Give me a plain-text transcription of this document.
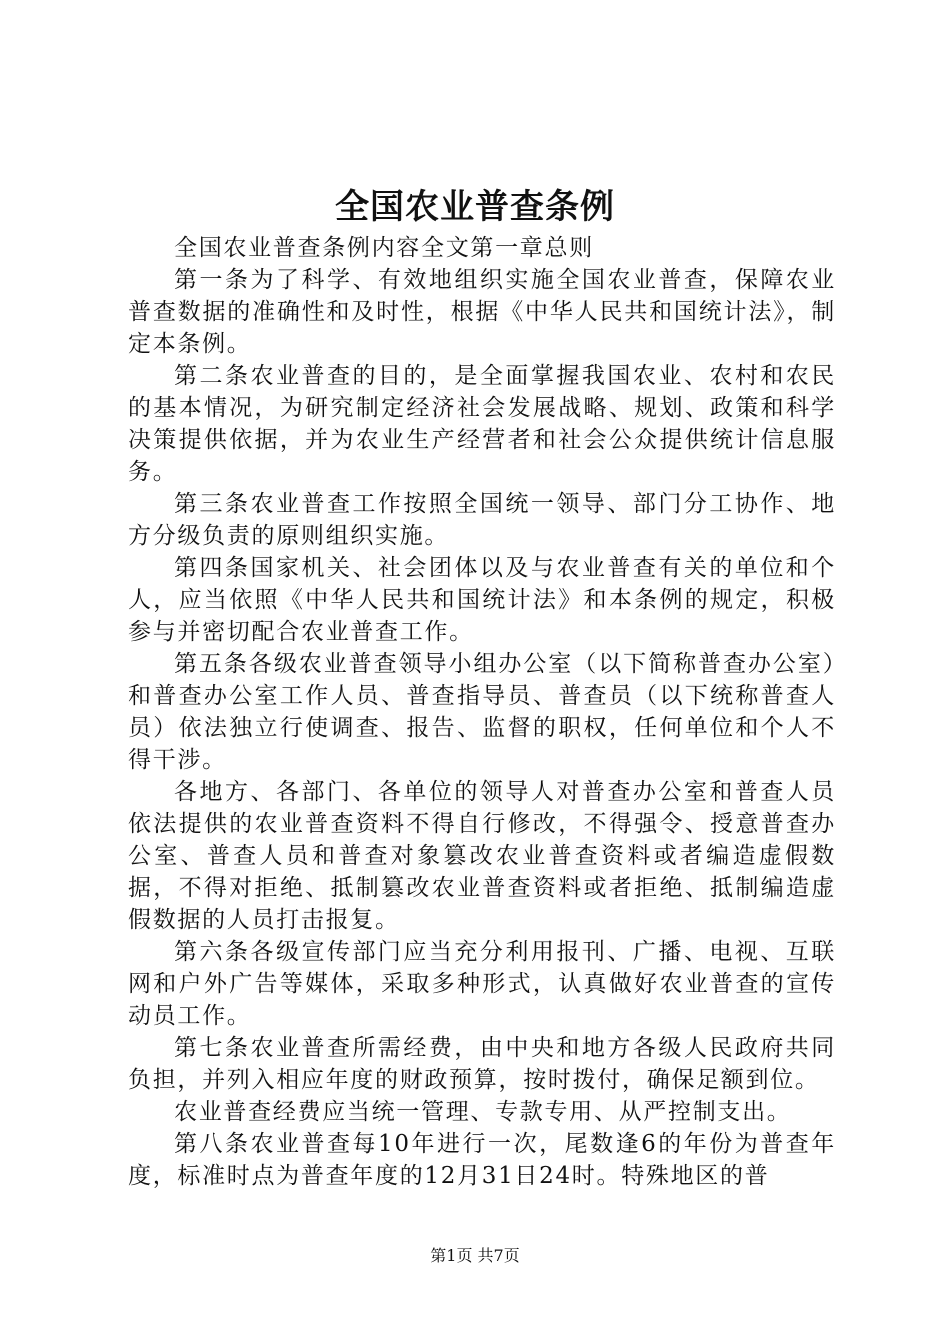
全国农业普查条例

全国农业普查条例内容全文第一章总则

第一条为了科学、有效地组织实施全国农业普查，保障农业普查数据的准确性和及时性，根据《中华人民共和国统计法》，制定本条例。

第二条农业普查的目的，是全面掌握我国农业、农村和农民的基本情况，为研究制定经济社会发展战略、规划、政策和科学决策提供依据，并为农业生产经营者和社会公众提供统计信息服务。

第三条农业普查工作按照全国统一领导、部门分工协作、地方分级负责的原则组织实施。

第四条国家机关、社会团体以及与农业普查有关的单位和个人，应当依照《中华人民共和国统计法》和本条例的规定，积极参与并密切配合农业普查工作。

第五条各级农业普查领导小组办公室（以下简称普查办公室）和普查办公室工作人员、普查指导员、普查员（以下统称普查人员）依法独立行使调查、报告、监督的职权，任何单位和个人不得干涉。

各地方、各部门、各单位的领导人对普查办公室和普查人员依法提供的农业普查资料不得自行修改，不得强令、授意普查办公室、普查人员和普查对象篡改农业普查资料或者编造虚假数据，不得对拒绝、抵制篡改农业普查资料或者拒绝、抵制编造虚假数据的人员打击报复。

第六条各级宣传部门应当充分利用报刊、广播、电视、互联网和户外广告等媒体，采取多种形式，认真做好农业普查的宣传动员工作。

第七条农业普查所需经费，由中央和地方各级人民政府共同负担，并列入相应年度的财政预算，按时拨付，确保足额到位。

农业普查经费应当统一管理、专款专用、从严控制支出。

第八条农业普查每10年进行一次，尾数逢6的年份为普查年度，标准时点为普查年度的12月31日24时。特殊地区的普

第1页 共7页
